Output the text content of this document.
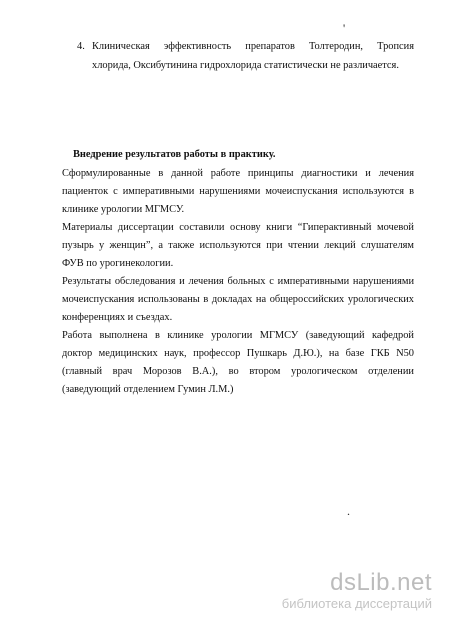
'
4. Клиническая эффективность препаратов Толтеродин, Тропсия
хлорида, Оксибутинина гидрохлорида статистически не различается.
Внедрение результатов работы в практику.
Сформулированные в данной работе принципы диагностики и лечения
пациенток с императивными нарушениями мочеиспускания используются в
клинике урологии МГМСУ.
Материалы диссертации составили основу книги “Гиперактивный мочевой
пузырь у женщин”, а также используются при чтении лекций слушателям
ФУВ по урогинекологии.
Результаты обследования и лечения больных с императивными нарушениями
мочеиспускания использованы в докладах на общероссийских урологических
конференциях и съездах.
Работа выполнена в клинике урологии МГМСУ (заведующий кафедрой
доктор медицинских наук, профессор Пушкарь Д.Ю.), на базе ГКБ N50
(главный врач Морозов В.А.), во втором урологическом отделении
(заведующий отделением Гумин Л.М.)
.
dsLib.net
библиотека диссертаций
